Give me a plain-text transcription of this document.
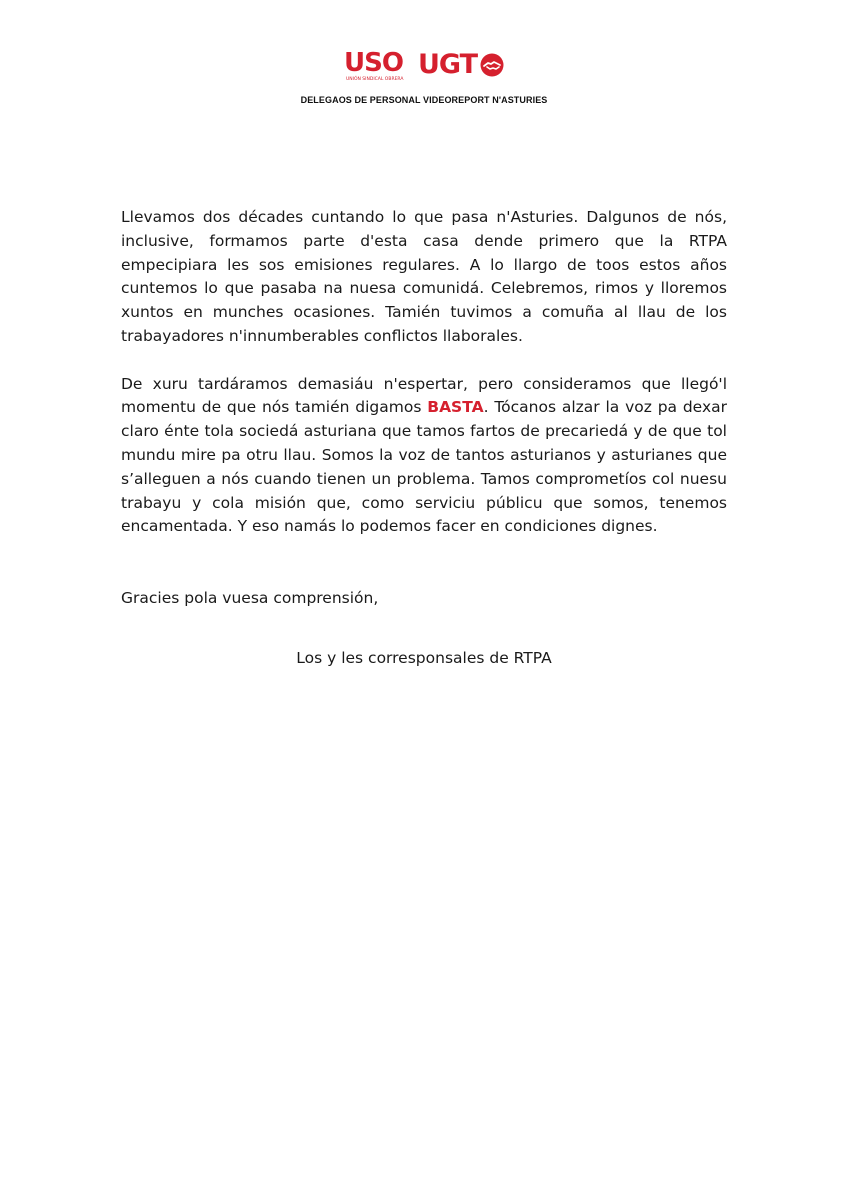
USO
UNIÓN SINDICAL OBRERA UGT
DELEGAOS DE PERSONAL VIDEOREPORT N'ASTURIES

Llevamos dos décades cuntando lo que pasa n'Asturies. Dalgunos de nós, inclusive, formamos parte d'esta casa dende primero que la RTPA empecipiara les sos emisiones regulares. A lo llargo de toos estos años cuntemos lo que pasaba na nuesa comunidá. Celebremos, rimos y lloremos xuntos en munches ocasiones. Tamién tuvimos a comuña al llau de los trabayadores n'innumberables conflictos llaborales.

De xuru tardáramos demasiáu n'espertar, pero consideramos que llegó'l momentu de que nós tamién digamos BASTA. Tócanos alzar la voz pa dexar claro énte tola sociedá asturiana que tamos fartos de precariedá y de que tol mundu mire pa otru llau. Somos la voz de tantos asturianos y asturianes que s’alleguen a nós cuando tienen un problema. Tamos comprometíos col nuesu trabayu y cola misión que, como serviciu públicu que somos, tenemos encamentada. Y eso namás lo podemos facer en condiciones dignes.

Gracies pola vuesa comprensión,

Los y les corresponsales de RTPA
